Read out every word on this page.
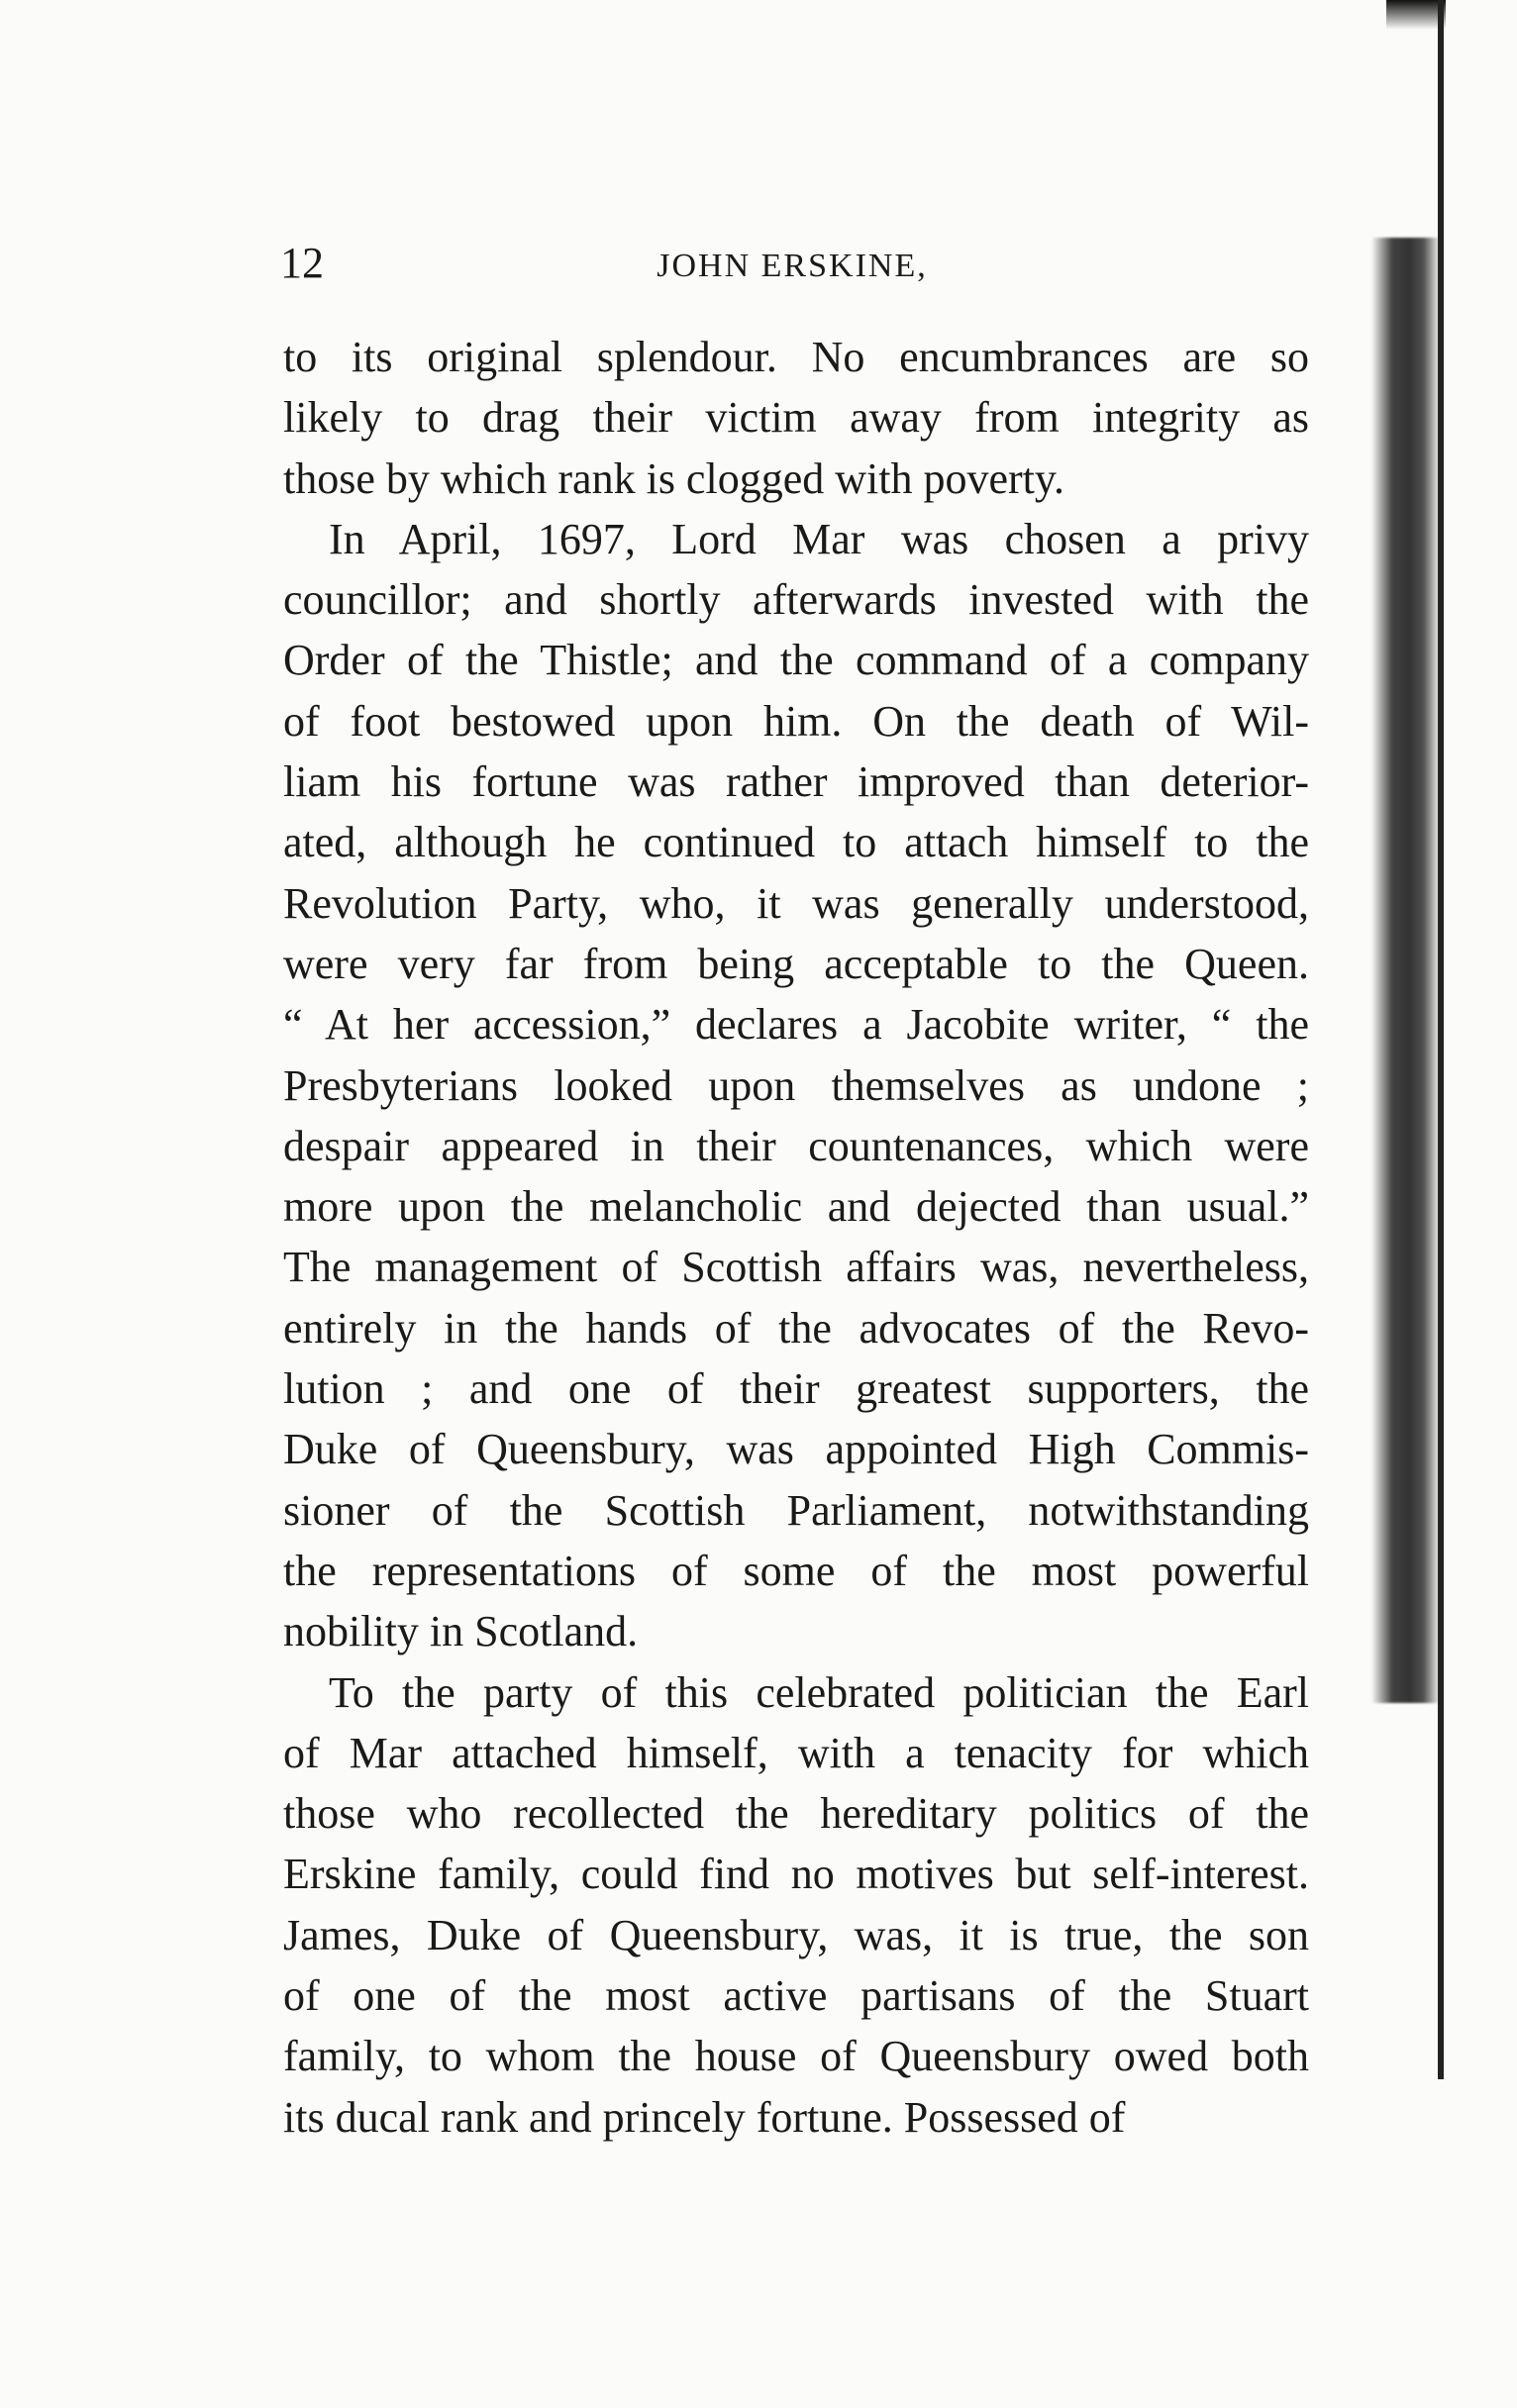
12	JOHN ERSKINE,
to its original splendour. No encumbrances are so
likely to drag their victim away from integrity as
those by which rank is clogged with poverty.
In April, 1697, Lord Mar was chosen a privy
councillor; and shortly afterwards invested with the
Order of the Thistle; and the command of a company
of foot bestowed upon him. On the death of Wil-
liam his fortune was rather improved than deterior-
ated, although he continued to attach himself to the
Revolution Party, who, it was generally understood,
were very far from being acceptable to the Queen.
“ At her accession,” declares a Jacobite writer, “ the
Presbyterians looked upon themselves as undone ;
despair appeared in their countenances, which were
more upon the melancholic and dejected than usual.”
The management of Scottish affairs was, nevertheless,
entirely in the hands of the advocates of the Revo-
lution ; and one of their greatest supporters, the
Duke of Queensbury, was appointed High Commis-
sioner of the Scottish Parliament, notwithstanding
the representations of some of the most powerful
nobility in Scotland.
To the party of this celebrated politician the Earl
of Mar attached himself, with a tenacity for which
those who recollected the hereditary politics of the
Erskine family, could find no motives but self-interest.
James, Duke of Queensbury, was, it is true, the son
of one of the most active partisans of the Stuart
family, to whom the house of Queensbury owed both
its ducal rank and princely fortune. Possessed of
